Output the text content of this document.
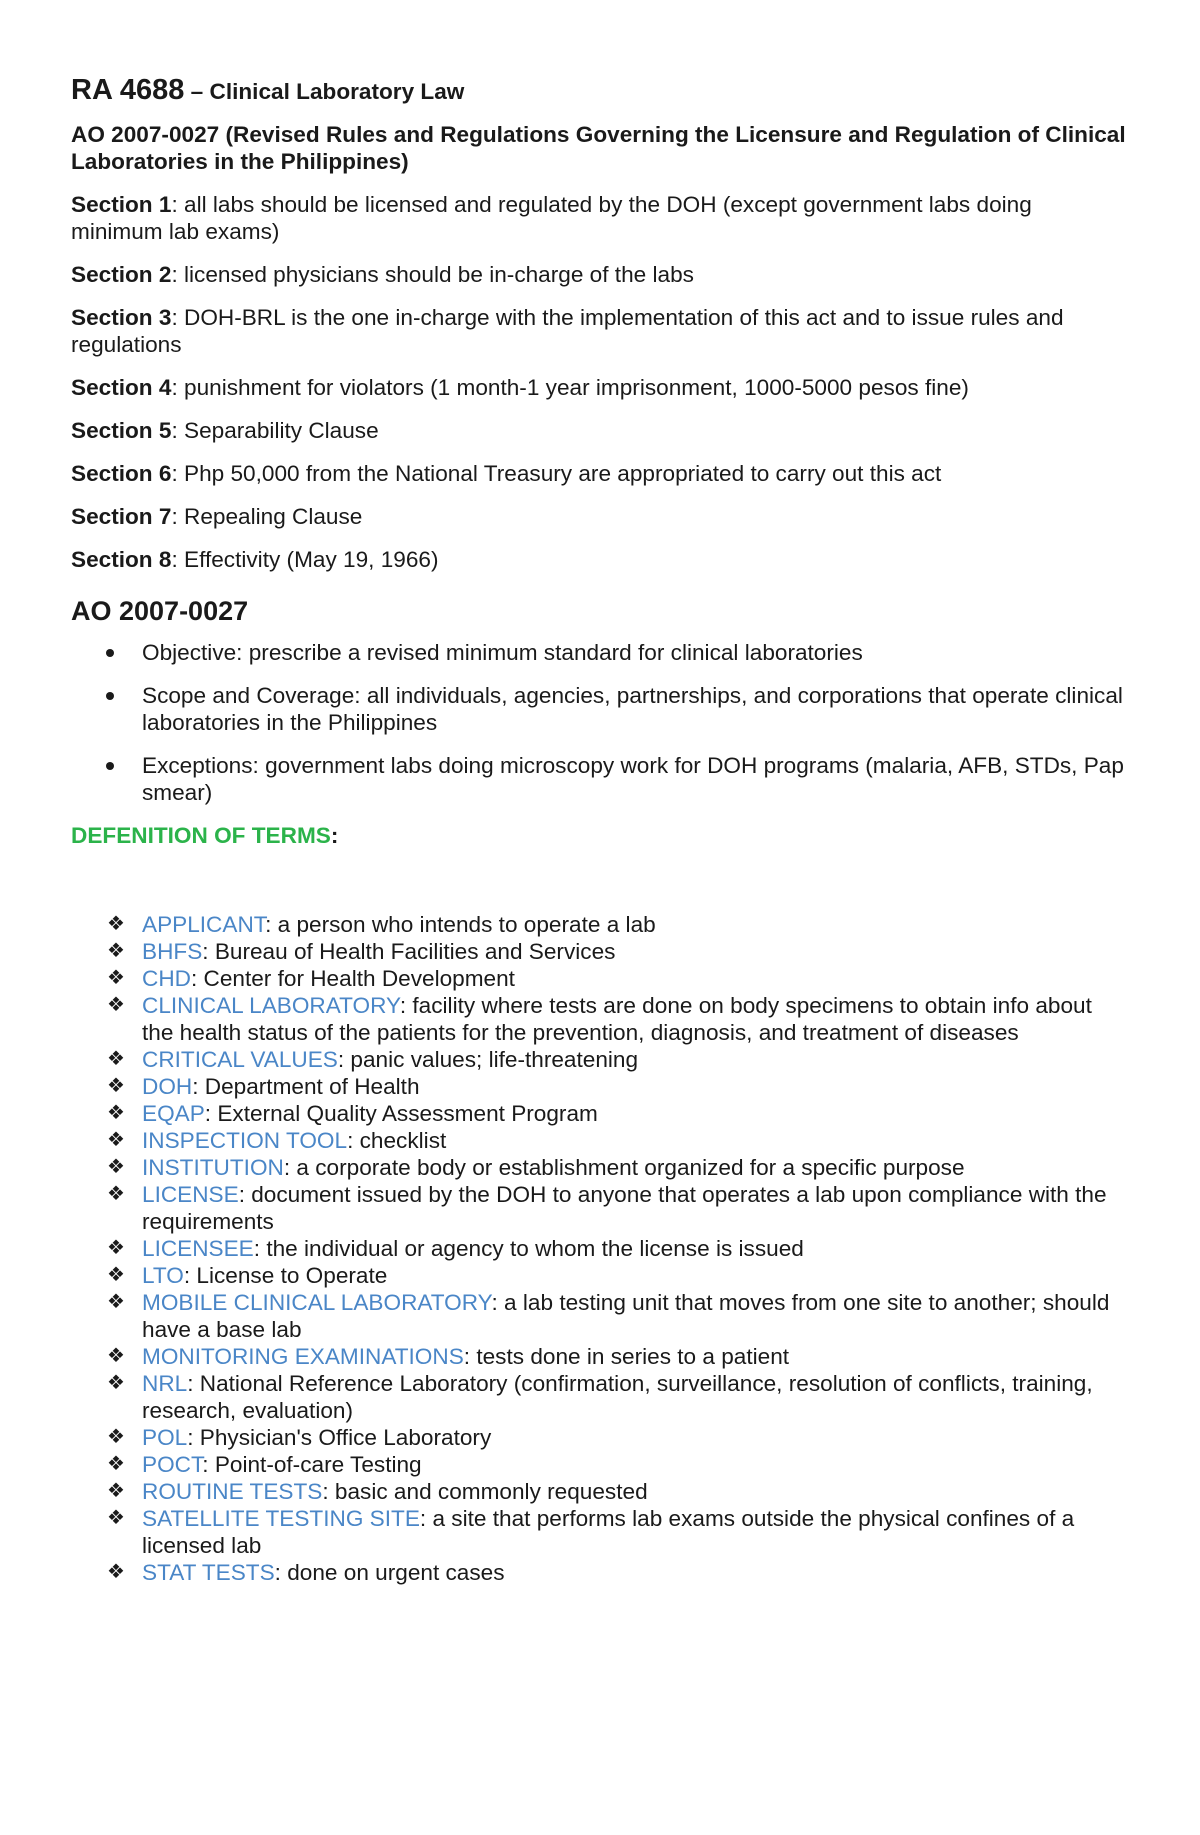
RA 4688 – Clinical Laboratory Law

AO 2007-0027 (Revised Rules and Regulations Governing the Licensure and Regulation of Clinical Laboratories in the Philippines)

Section 1: all labs should be licensed and regulated by the DOH (except government labs doing minimum lab exams)

Section 2: licensed physicians should be in-charge of the labs

Section 3: DOH-BRL is the one in-charge with the implementation of this act and to issue rules and regulations

Section 4: punishment for violators (1 month-1 year imprisonment, 1000-5000 pesos fine)

Section 5: Separability Clause

Section 6: Php 50,000 from the National Treasury are appropriated to carry out this act

Section 7: Repealing Clause

Section 8: Effectivity (May 19, 1966)

AO 2007-0027
Objective: prescribe a revised minimum standard for clinical laboratories
Scope and Coverage: all individuals, agencies, partnerships, and corporations that operate clinical laboratories in the Philippines
Exceptions: government labs doing microscopy work for DOH programs (malaria, AFB, STDs, Pap smear)

DEFENITION OF TERMS:

❖ APPLICANT: a person who intends to operate a lab
❖ BHFS: Bureau of Health Facilities and Services
❖ CHD: Center for Health Development
❖ CLINICAL LABORATORY: facility where tests are done on body specimens to obtain info about the health status of the patients for the prevention, diagnosis, and treatment of diseases
❖ CRITICAL VALUES: panic values; life-threatening
❖ DOH: Department of Health
❖ EQAP: External Quality Assessment Program
❖ INSPECTION TOOL: checklist
❖ INSTITUTION: a corporate body or establishment organized for a specific purpose
❖ LICENSE: document issued by the DOH to anyone that operates a lab upon compliance with the requirements
❖ LICENSEE: the individual or agency to whom the license is issued
❖ LTO: License to Operate
❖ MOBILE CLINICAL LABORATORY: a lab testing unit that moves from one site to another; should have a base lab
❖ MONITORING EXAMINATIONS: tests done in series to a patient
❖ NRL: National Reference Laboratory (confirmation, surveillance, resolution of conflicts, training, research, evaluation)
❖ POL: Physician's Office Laboratory
❖ POCT: Point-of-care Testing
❖ ROUTINE TESTS: basic and commonly requested
❖ SATELLITE TESTING SITE: a site that performs lab exams outside the physical confines of a licensed lab
❖ STAT TESTS: done on urgent cases
